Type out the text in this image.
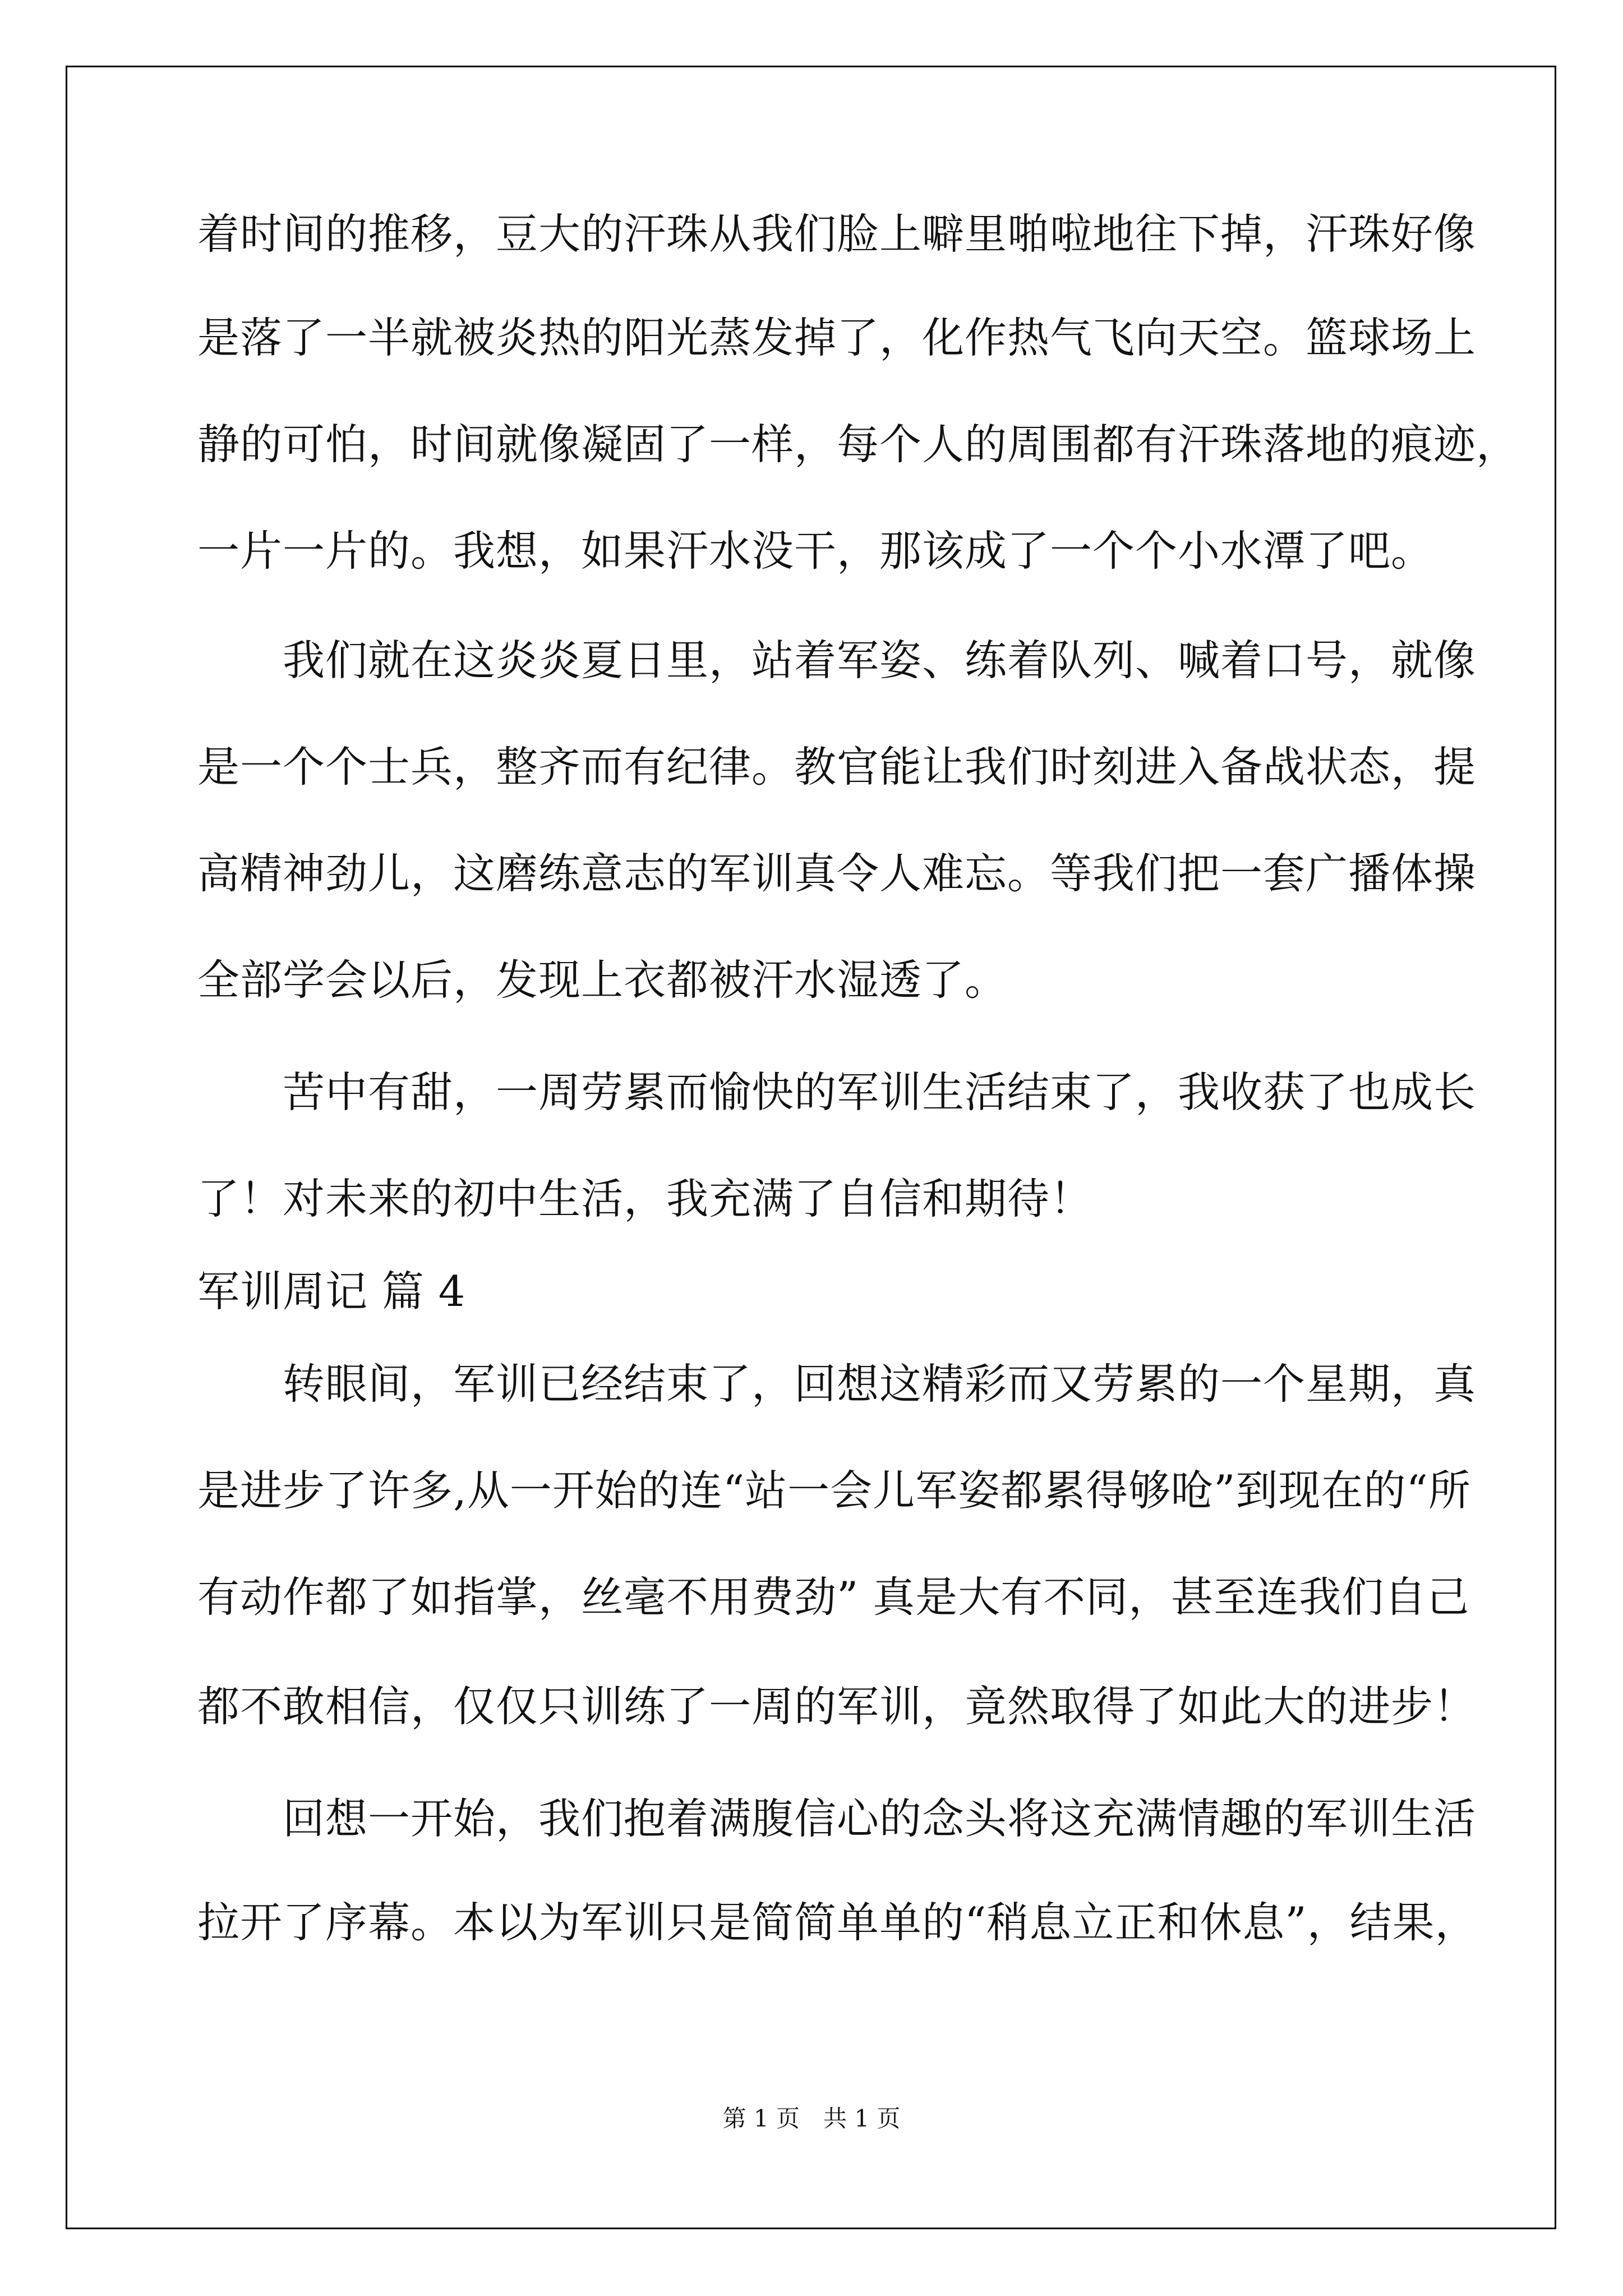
着时间的推移，豆大的汗珠从我们脸上噼里啪啦地往下掉，汗珠好像
是落了一半就被炎热的阳光蒸发掉了，化作热气飞向天空。篮球场上
静的可怕，时间就像凝固了一样，每个人的周围都有汗珠落地的痕迹，
一片一片的。我想，如果汗水没干，那该成了一个个小水潭了吧。
　　我们就在这炎炎夏日里，站着军姿、练着队列、喊着口号，就像
是一个个士兵，整齐而有纪律。教官能让我们时刻进入备战状态，提
高精神劲儿，这磨练意志的军训真令人难忘。等我们把一套广播体操
全部学会以后，发现上衣都被汗水湿透了。
　　苦中有甜，一周劳累而愉快的军训生活结束了，我收获了也成长
了！对未来的初中生活，我充满了自信和期待！
军训周记 篇 4
　　转眼间，军训已经结束了，回想这精彩而又劳累的一个星期，真
是进步了许多,从一开始的连“站一会儿军姿都累得够呛”到现在的“所
有动作都了如指掌，丝毫不用费劲” 真是大有不同，甚至连我们自己
都不敢相信，仅仅只训练了一周的军训，竟然取得了如此大的进步！
　　回想一开始，我们抱着满腹信心的念头将这充满情趣的军训生活
拉开了序幕。本以为军训只是简简单单的“稍息立正和休息”，结果，
第 1 页　共 1 页
